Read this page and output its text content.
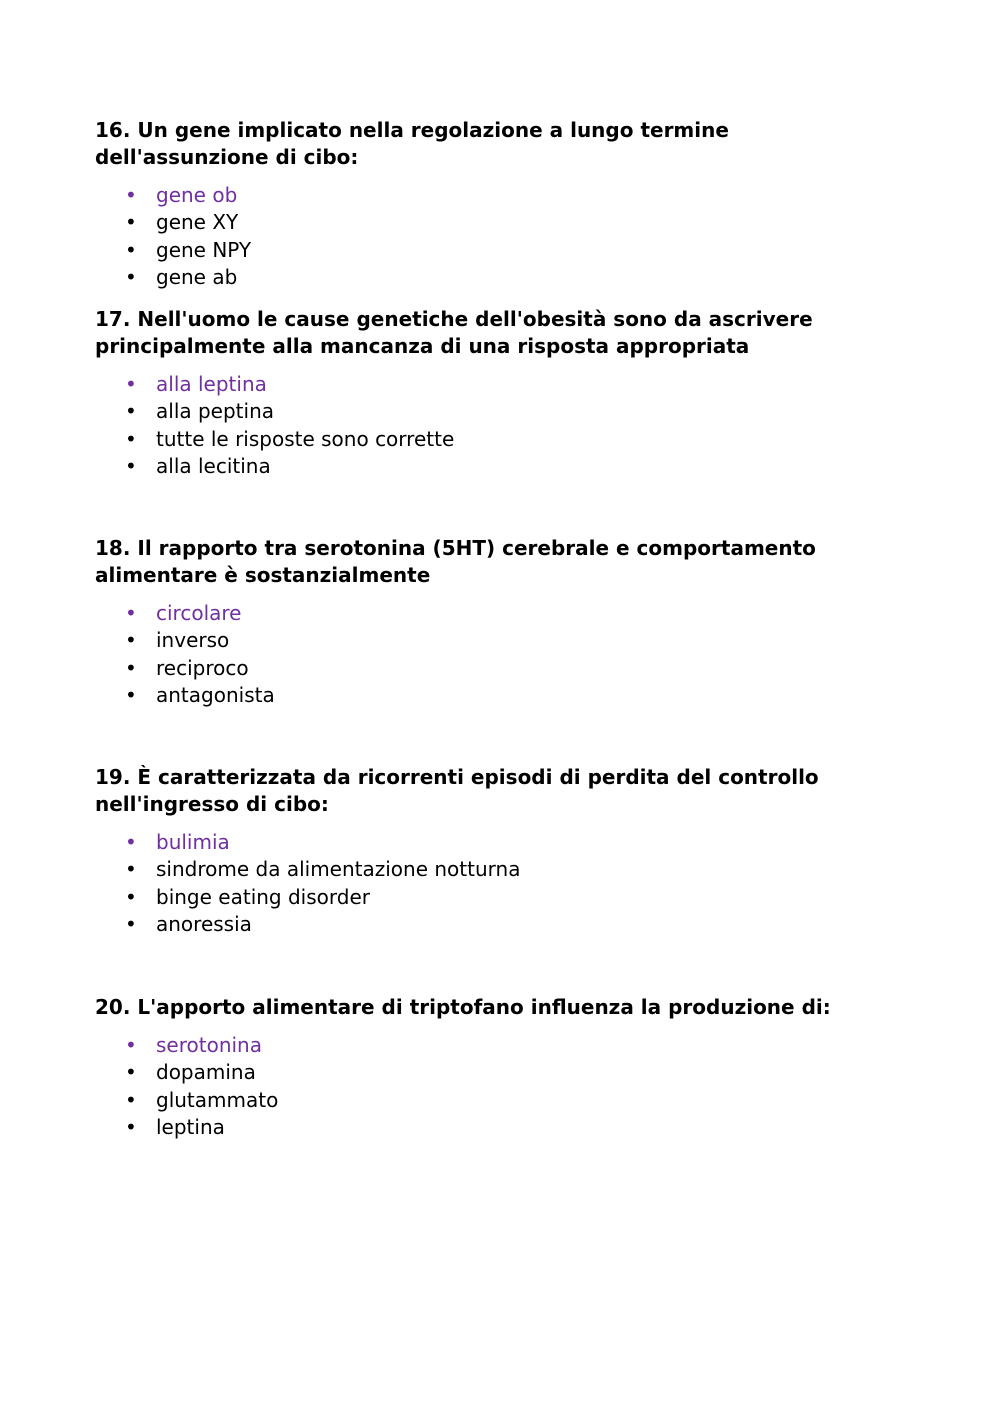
16. Un gene implicato nella regolazione a lungo termine dell'assunzione di cibo:

• gene ob
• gene XY
• gene NPY
• gene ab

17. Nell'uomo le cause genetiche dell'obesità sono da ascrivere principalmente alla mancanza di una risposta appropriata

• alla leptina
• alla peptina
• tutte le risposte sono corrette
• alla lecitina

18. Il rapporto tra serotonina (5HT) cerebrale e comportamento alimentare è sostanzialmente

• circolare
• inverso
• reciproco
• antagonista

19. È caratterizzata da ricorrenti episodi di perdita del controllo nell'ingresso di cibo:

• bulimia
• sindrome da alimentazione notturna
• binge eating disorder
• anoressia

20. L'apporto alimentare di triptofano influenza la produzione di:

• serotonina
• dopamina
• glutammato
• leptina
